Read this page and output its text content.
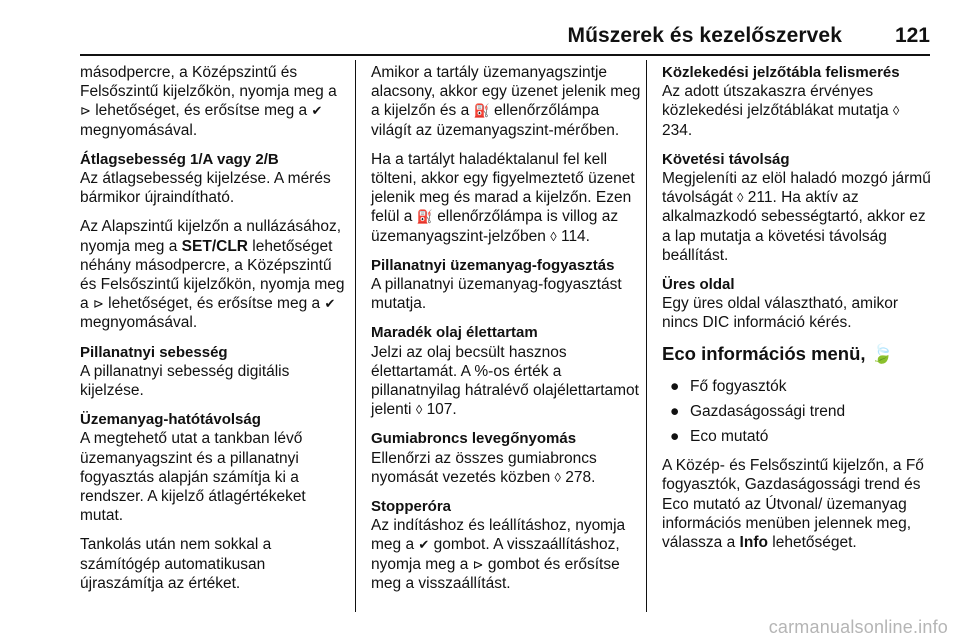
Műszerek és kezelőszervek	121

másodpercre, a Középszintű és
Felsőszintű kijelzőkön, nyomja meg a
⊳ lehetőséget, és erősítse meg a ✔
megnyomásával.

Átlagsebesség 1/A vagy 2/B

Az átlagsebesség kijelzése. A mérés bármikor újraindítható.

Az Alapszintű kijelzőn a nullázásához, nyomja meg a SET/CLR lehetőséget néhány másodpercre, a Középszintű és Felsőszintű kijelzőkön, nyomja meg a ⊳ lehetőséget, és erősítse meg a ✔ megnyomásával.

Pillanatnyi sebesség

A pillanatnyi sebesség digitális kijelzése.

Üzemanyag-hatótávolság

A megtehető utat a tankban lévő üzemanyagszint és a pillanatnyi fogyasztás alapján számítja ki a rendszer. A kijelző átlagértékeket mutat.

Tankolás után nem sokkal a számítógép automatikusan újraszámítja az értéket.

Amikor a tartály üzemanyagszintje alacsony, akkor egy üzenet jelenik meg a kijelzőn és a ⛽ ellenőrzőlámpa világít az üzemanyagszint-mérőben.

Ha a tartályt haladéktalanul fel kell tölteni, akkor egy figyelmeztető üzenet jelenik meg és marad a kijelzőn. Ezen felül a ⛽ ellenőrzőlámpa is villog az üzemanyagszint-jelzőben ◊ 114.

Pillanatnyi üzemanyag-fogyasztás

A pillanatnyi üzemanyag-fogyasztást mutatja.

Maradék olaj élettartam

Jelzi az olaj becsült hasznos élettartamát. A %-os érték a pillanatnyilag hátralévő olajélettartamot jelenti ◊ 107.

Gumiabroncs levegőnyomás

Ellenőrzi az összes gumiabroncs nyomását vezetés közben ◊ 278.

Stopperóra

Az indításhoz és leállításhoz, nyomja meg a ✔ gombot. A visszaállításhoz, nyomja meg a ⊳ gombot és erősítse meg a visszaállítást.

Közlekedési jelzőtábla felismerés

Az adott útszakaszra érvényes közlekedési jelzőtáblákat mutatja ◊ 234.

Követési távolság

Megjeleníti az elöl haladó mozgó jármű távolságát ◊ 211. Ha aktív az alkalmazkodó sebességtartó, akkor ez a lap mutatja a követési távolság beállítást.

Üres oldal

Egy üres oldal választható, amikor nincs DIC információ kérés.

Eco információs menü, 🍃

● Fő fogyasztók
● Gazdaságossági trend
● Eco mutató

A Közép- és Felsőszintű kijelzőn, a Fő fogyasztók, Gazdaságossági trend és Eco mutató az Útvonal/ üzemanyag információs menüben jelennek meg, válassza a Info lehetőséget.

carmanualsonline.info
